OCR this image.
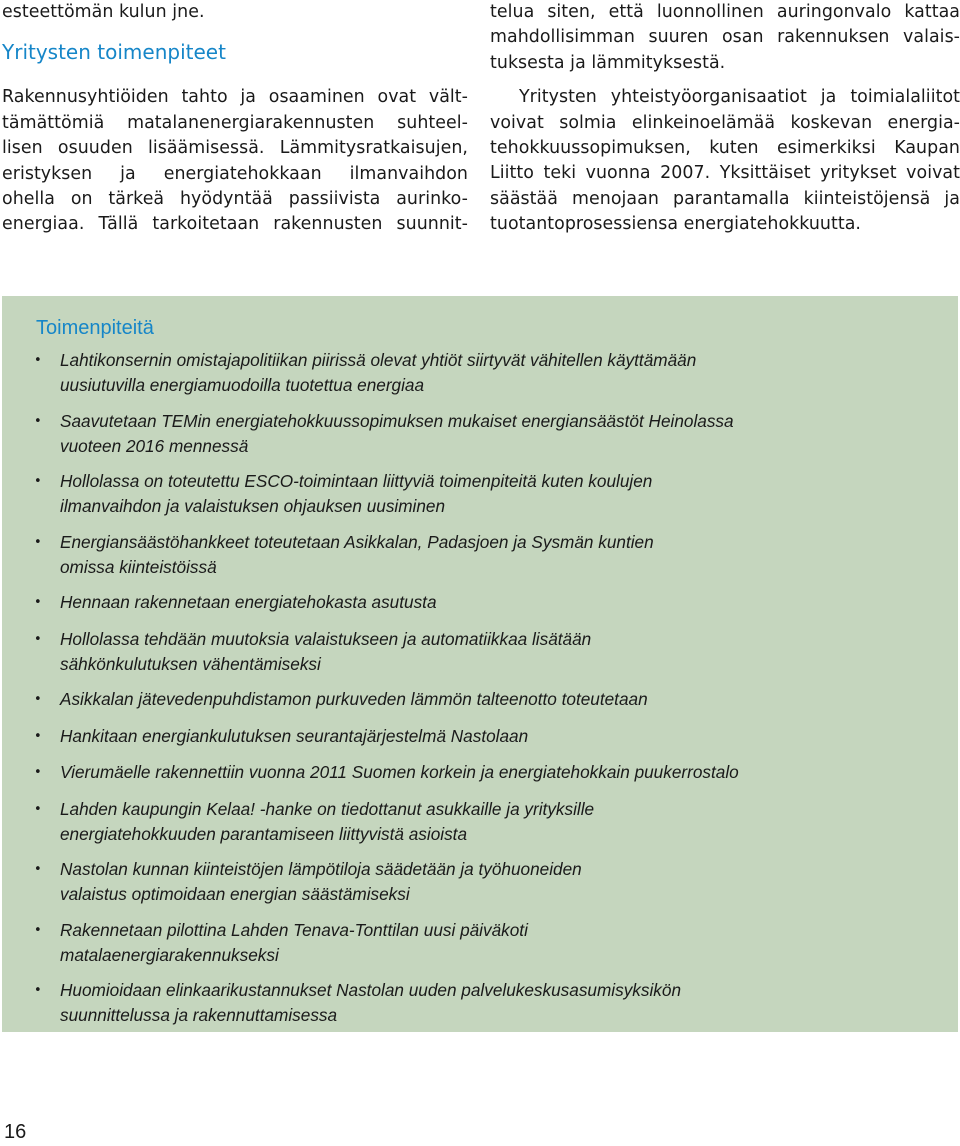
esteettömän kulun jne.
Yritysten toimenpiteet
Rakennusyhtiöiden tahto ja osaaminen ovat vält-
tämättömiä matalanenergiarakennusten suhteel-
lisen osuuden lisäämisessä. Lämmitysratkaisujen,
eristyksen ja energiatehokkaan ilmanvaihdon
ohella on tärkeä hyödyntää passiivista aurinko-
energiaa. Tällä tarkoitetaan rakennusten suunnit-
telua siten, että luonnollinen auringonvalo kattaa
mahdollisimman suuren osan rakennuksen valais-
tuksesta ja lämmityksestä.
Yritysten yhteistyöorganisaatiot ja toimialaliitot
voivat solmia elinkeinoelämää koskevan energia-
tehokkuussopimuksen, kuten esimerkiksi Kaupan
Liitto teki vuonna 2007. Yksittäiset yritykset voivat
säästää menojaan parantamalla kiinteistöjensä ja
tuotantoprosessiensa energiatehokkuutta.
Toimenpiteitä
• Lahtikonsernin omistajapolitiikan piirissä olevat yhtiöt siirtyvät vähitellen käyttämään
uusiutuvilla energiamuodoilla tuotettua energiaa
• Saavutetaan TEMin energiatehokkuussopimuksen mukaiset energiansäästöt Heinolassa
vuoteen 2016 mennessä
• Hollolassa on toteutettu ESCO-toimintaan liittyviä toimenpiteitä kuten koulujen
ilmanvaihdon ja valaistuksen ohjauksen uusiminen
• Energiansäästöhankkeet toteutetaan Asikkalan, Padasjoen ja Sysmän kuntien
omissa kiinteistöissä
• Hennaan rakennetaan energiatehokasta asutusta
• Hollolassa tehdään muutoksia valaistukseen ja automatiikkaa lisätään
sähkönkulutuksen vähentämiseksi
• Asikkalan jätevedenpuhdistamon purkuveden lämmön talteenotto toteutetaan
• Hankitaan energiankulutuksen seurantajärjestelmä Nastolaan
• Vierumäelle rakennettiin vuonna 2011 Suomen korkein ja energiatehokkain puukerrostalo
• Lahden kaupungin Kelaa! -hanke on tiedottanut asukkaille ja yrityksille
energiatehokkuuden parantamiseen liittyvistä asioista
• Nastolan kunnan kiinteistöjen lämpötiloja säädetään ja työhuoneiden
valaistus optimoidaan energian säästämiseksi
• Rakennetaan pilottina Lahden Tenava-Tonttilan uusi päiväkoti
matalaenergiarakennukseksi
• Huomioidaan elinkaarikustannukset Nastolan uuden palvelukeskusasumisyksikön
suunnittelussa ja rakennuttamisessa
16
